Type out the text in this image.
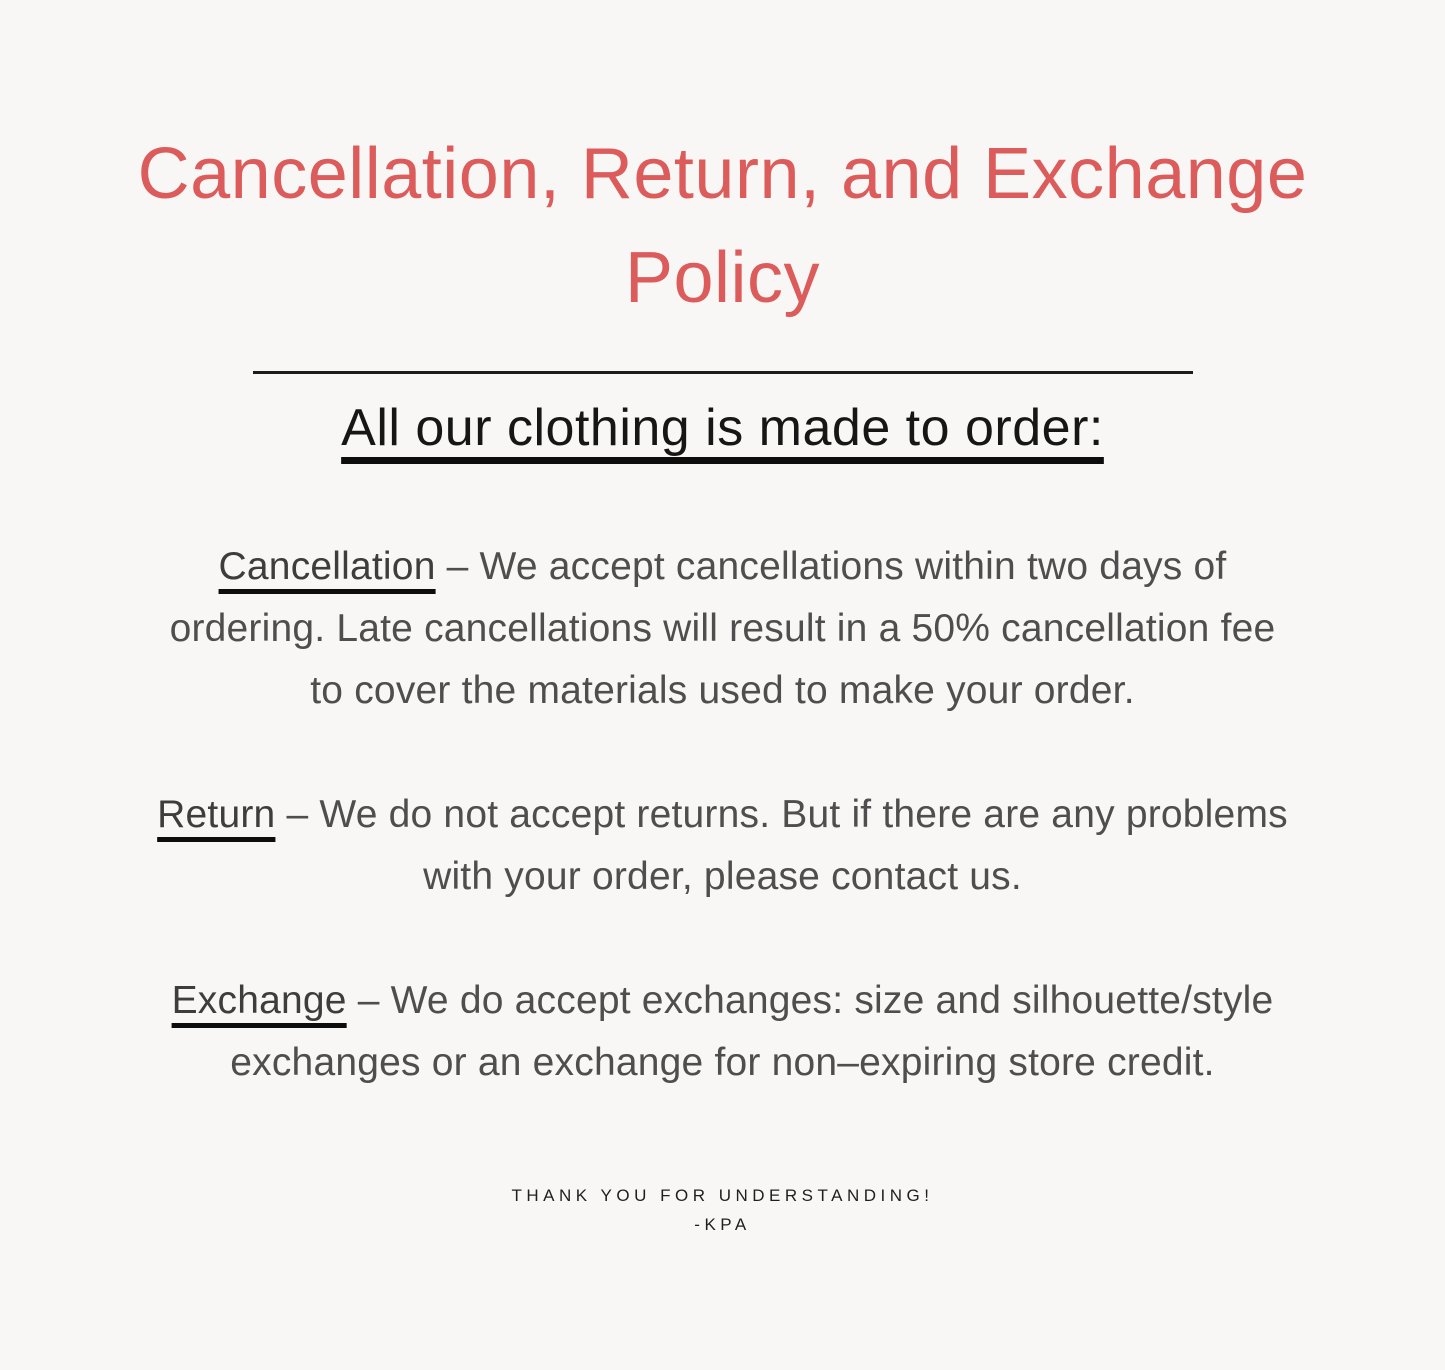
Cancellation, Return, and Exchange
Policy
All our clothing is made to order:

Cancellation – We accept cancellations within two days of

ordering. Late cancellations will result in a 50% cancellation fee

to cover the materials used to make your order.

Return – We do not accept returns. But if there are any problems

with your order, please contact us.

Exchange – We do accept exchanges: size and silhouette/style

exchanges or an exchange for non–expiring store credit.

THANK YOU FOR UNDERSTANDING!

-KPA
